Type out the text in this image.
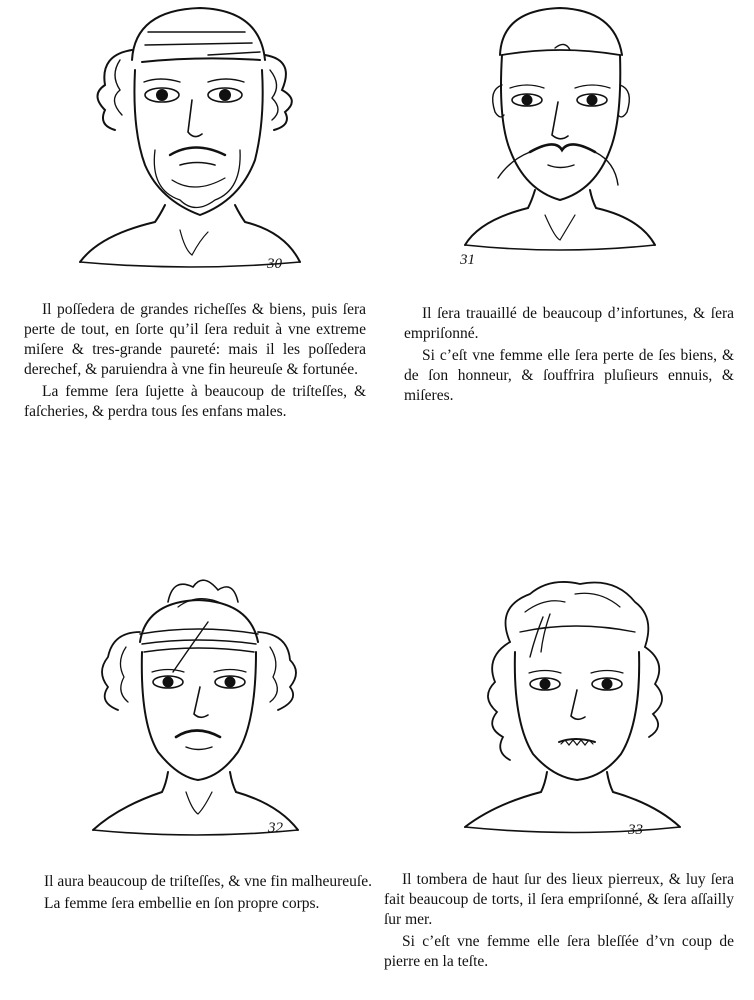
30

Il poſſedera de grandes richeſſes & biens, puis ſera perte de tout, en ſorte qu’il ſera reduit à vne extreme miſere & tres-grande paureté: mais il les poſſedera derechef, & paruiendra à vne fin heureuſe & fortunée.

La femme ſera ſujette à beaucoup de triſteſſes, & faſcheries, & perdra tous ſes enfans males.

31

Il ſera trauaillé de beaucoup d’infortunes, & ſera empriſonné.

Si c’eſt vne femme elle ſera perte de ſes biens, & de ſon honneur, & ſouffrira pluſieurs ennuis, & miſeres.

32

Il aura beaucoup de triſteſſes, & vne fin malheureuſe.

La femme ſera embellie en ſon propre corps.

33

Il tombera de haut ſur des lieux pierreux, & luy ſera fait beaucoup de torts, il ſera empriſonné, & ſera aſſailly ſur mer.

Si c’eſt vne femme elle ſera bleſſée d’vn coup de pierre en la teſte.
